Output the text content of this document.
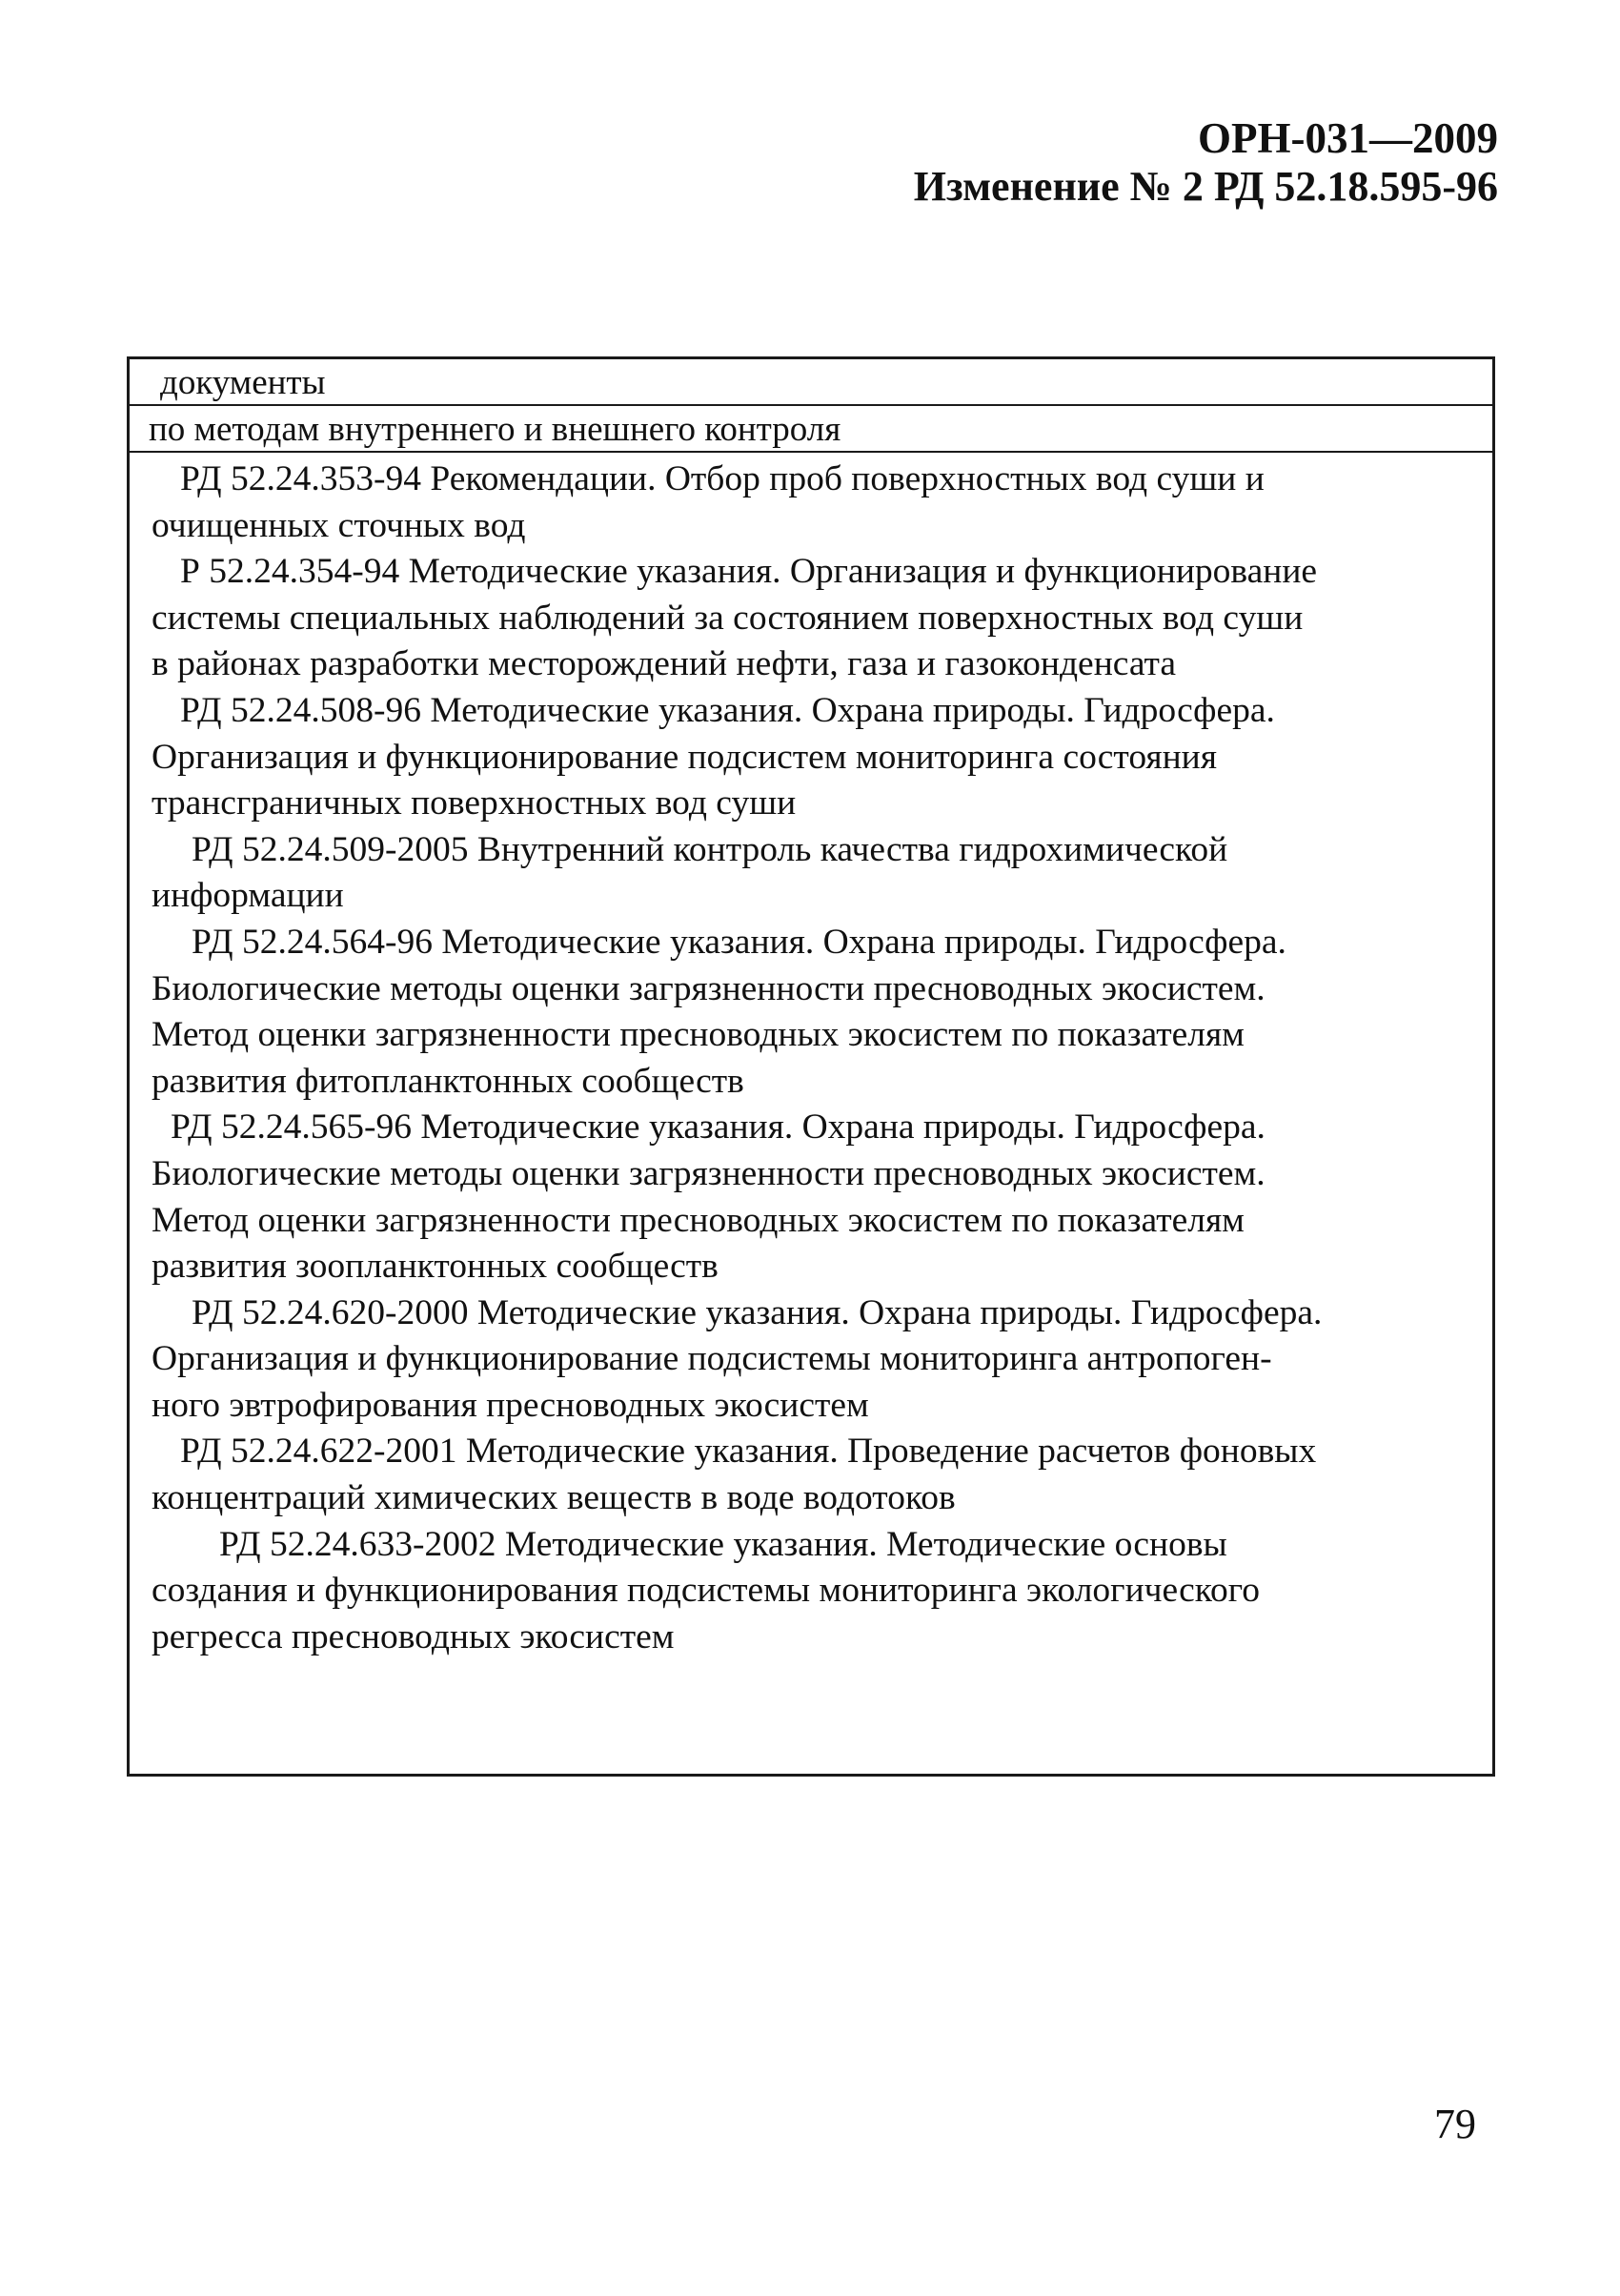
ОРН-031—2009
Изменение № 2 РД 52.18.595-96
документы
по методам внутреннего и внешнего контроля
РД 52.24.353-94 Рекомендации. Отбор проб поверхностных вод суши и
очищенных сточных вод
Р 52.24.354-94 Методические указания. Организация и функционирование
системы специальных наблюдений за состоянием поверхностных вод суши
в районах разработки месторождений нефти, газа и газоконденсата
РД 52.24.508-96 Методические указания. Охрана природы. Гидросфера.
Организация и функционирование подсистем мониторинга состояния
трансграничных поверхностных вод суши
РД 52.24.509-2005 Внутренний контроль качества гидрохимической
информации
РД 52.24.564-96 Методические указания. Охрана природы. Гидросфера.
Биологические методы оценки загрязненности пресноводных экосистем.
Метод оценки загрязненности пресноводных экосистем по показателям
развития фитопланктонных сообществ
РД 52.24.565-96 Методические указания. Охрана природы. Гидросфера.
Биологические методы оценки загрязненности пресноводных экосистем.
Метод оценки загрязненности пресноводных экосистем по показателям
развития зоопланктонных сообществ
РД 52.24.620-2000 Методические указания. Охрана природы. Гидросфера.
Организация и функционирование подсистемы мониторинга антропоген-
ного эвтрофирования пресноводных экосистем
РД 52.24.622-2001 Методические указания. Проведение расчетов фоновых
концентраций химических веществ в воде водотоков
РД 52.24.633-2002 Методические указания. Методические основы
создания и функционирования подсистемы мониторинга экологического
регресса пресноводных экосистем
79
